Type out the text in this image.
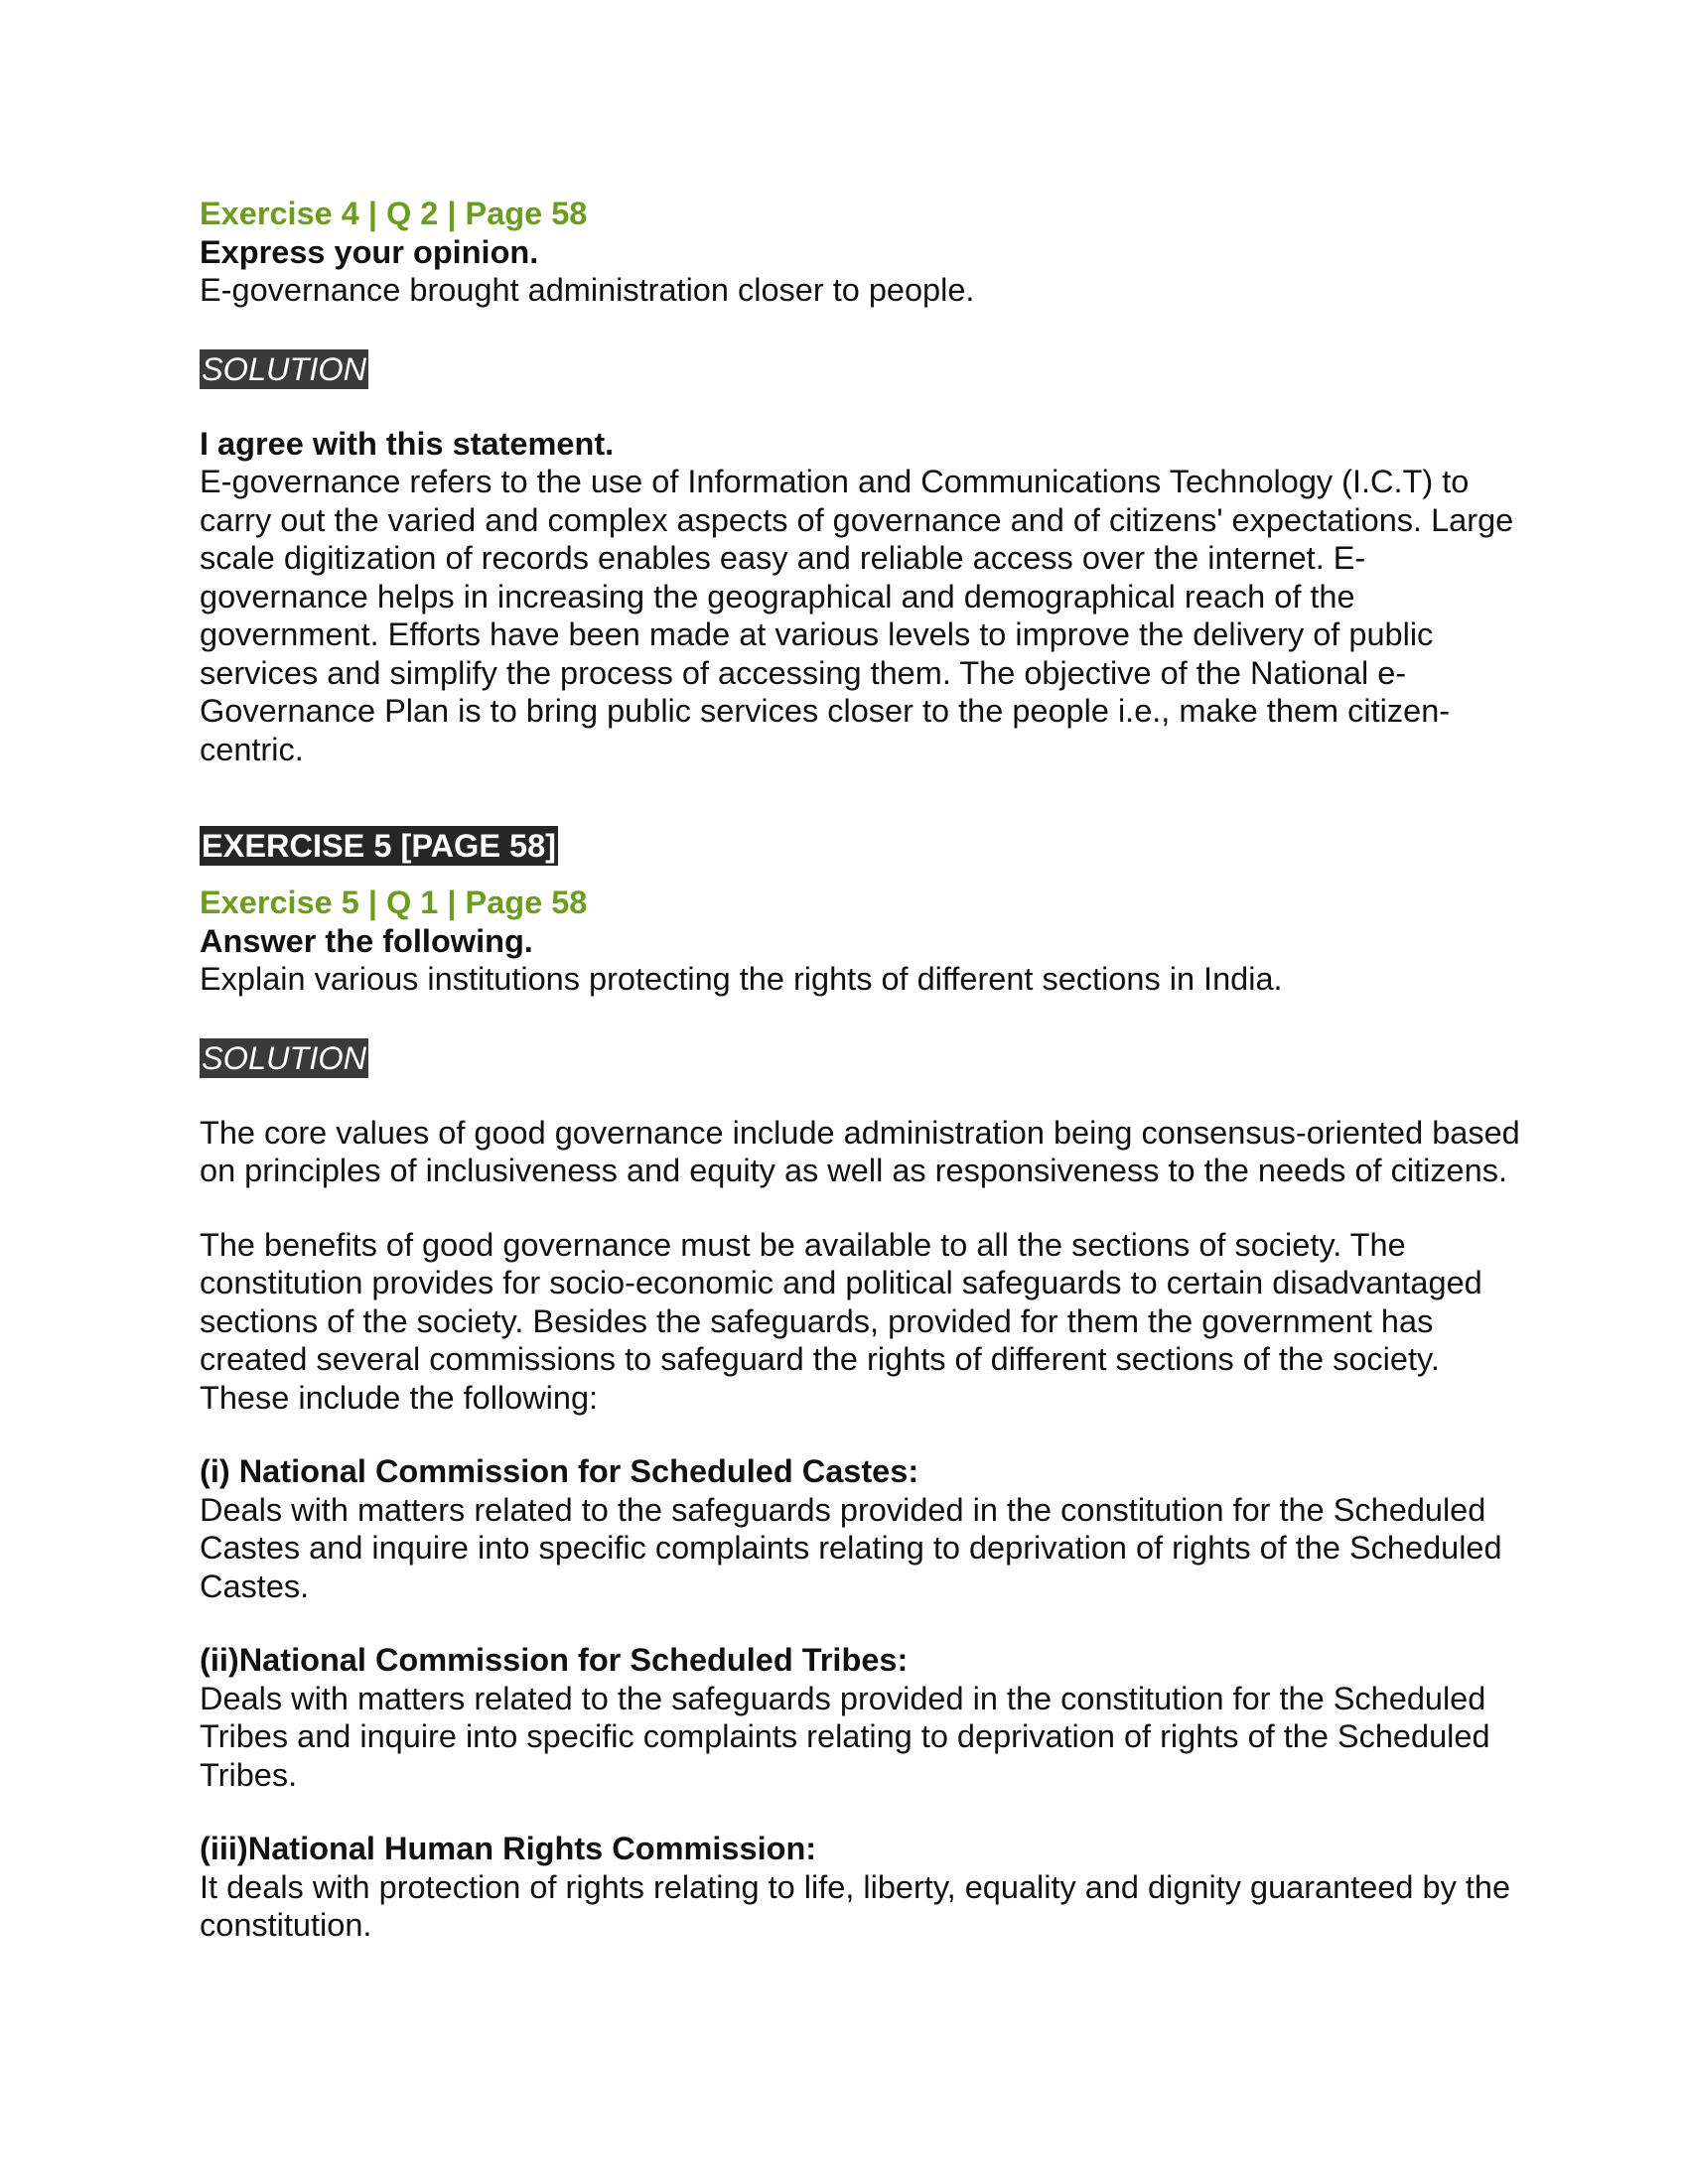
Exercise 4 | Q 2 | Page 58

Express your opinion.

E-governance brought administration closer to people.

SOLUTION

I agree with this statement.

E-governance refers to the use of Information and Communications Technology (I.C.T) to carry out the varied and complex aspects of governance and of citizens' expectations. Large scale digitization of records enables easy and reliable access over the internet. E-governance helps in increasing the geographical and demographical reach of the government. Efforts have been made at various levels to improve the delivery of public services and simplify the process of accessing them. The objective of the National e-Governance Plan is to bring public services closer to the people i.e., make them citizen-centric.

EXERCISE 5 [PAGE 58]

Exercise 5 | Q 1 | Page 58

Answer the following.

Explain various institutions protecting the rights of different sections in India.

SOLUTION

The core values of good governance include administration being consensus-oriented based on principles of inclusiveness and equity as well as responsiveness to the needs of citizens.

The benefits of good governance must be available to all the sections of society. The constitution provides for socio-economic and political safeguards to certain disadvantaged sections of the society. Besides the safeguards, provided for them the government has created several commissions to safeguard the rights of different sections of the society. These include the following:

(i) National Commission for Scheduled Castes:

Deals with matters related to the safeguards provided in the constitution for the Scheduled Castes and inquire into specific complaints relating to deprivation of rights of the Scheduled Castes.

(ii)National Commission for Scheduled Tribes:

Deals with matters related to the safeguards provided in the constitution for the Scheduled Tribes and inquire into specific complaints relating to deprivation of rights of the Scheduled Tribes.

(iii)National Human Rights Commission:

It deals with protection of rights relating to life, liberty, equality and dignity guaranteed by the constitution.
